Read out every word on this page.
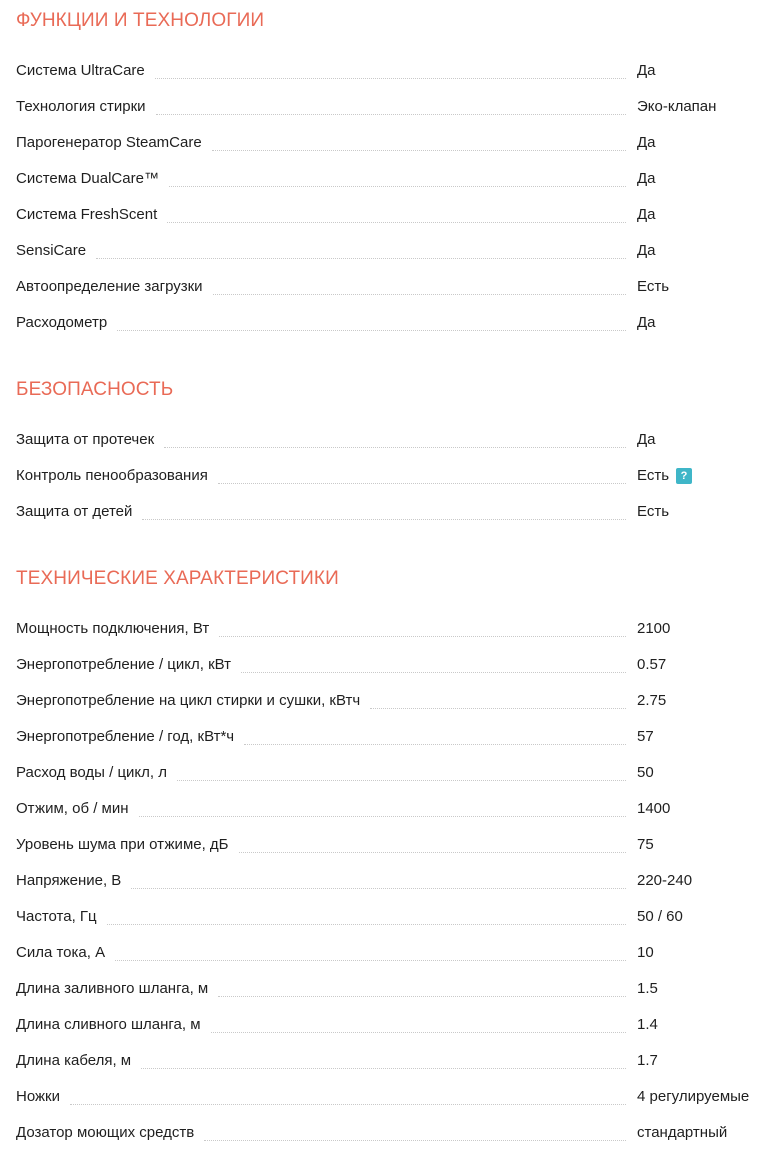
ФУНКЦИИ И ТЕХНОЛОГИИ
Система UltraCare	Да
Технология стирки	Эко-клапан
Парогенератор SteamCare	Да
Система DualCare™	Да
Система FreshScent	Да
SensiCare	Да
Автоопределение загрузки	Есть
Расходометр	Да
БЕЗОПАСНОСТЬ
Защита от протечек	Да
Контроль пенообразования	Есть ?
Защита от детей	Есть
ТЕХНИЧЕСКИЕ ХАРАКТЕРИСТИКИ
Мощность подключения, Вт	2100
Энергопотребление / цикл, кВт	0.57
Энергопотребление на цикл стирки и сушки, кВтч	2.75
Энергопотребление / год, кВт*ч	57
Расход воды / цикл, л	50
Отжим, об / мин	1400
Уровень шума при отжиме, дБ	75
Напряжение, В	220-240
Частота, Гц	50 / 60
Сила тока, А	10
Длина заливного шланга, м	1.5
Длина сливного шланга, м	1.4
Длина кабеля, м	1.7
Ножки	4 регулируемые
Дозатор моющих средств	стандартный
